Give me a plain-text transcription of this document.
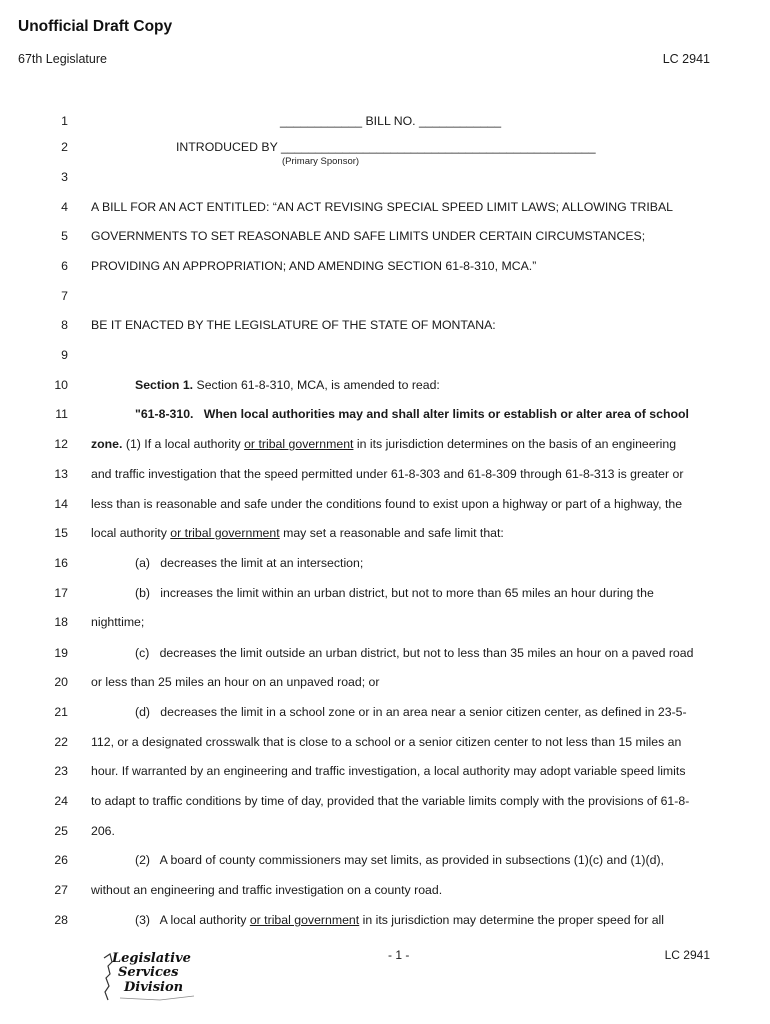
Unofficial Draft Copy
67th Legislature	LC 2941
1	____________ BILL NO. ____________
2	INTRODUCED BY ______________________________________________
(Primary Sponsor)
3
4 A BILL FOR AN ACT ENTITLED: “AN ACT REVISING SPECIAL SPEED LIMIT LAWS; ALLOWING TRIBAL
5 GOVERNMENTS TO SET REASONABLE AND SAFE LIMITS UNDER CERTAIN CIRCUMSTANCES;
6 PROVIDING AN APPROPRIATION; AND AMENDING SECTION 61-8-310, MCA.”
7
8 BE IT ENACTED BY THE LEGISLATURE OF THE STATE OF MONTANA:
9
10	Section 1. Section 61-8-310, MCA, is amended to read:
11	"61-8-310.   When local authorities may and shall alter limits or establish or alter area of school
12 zone. (1) If a local authority or tribal government in its jurisdiction determines on the basis of an engineering
13 and traffic investigation that the speed permitted under 61-8-303 and 61-8-309 through 61-8-313 is greater or
14 less than is reasonable and safe under the conditions found to exist upon a highway or part of a highway, the
15 local authority or tribal government may set a reasonable and safe limit that:
16	(a)   decreases the limit at an intersection;
17	(b)   increases the limit within an urban district, but not to more than 65 miles an hour during the
18 nighttime;
19	(c)   decreases the limit outside an urban district, but not to less than 35 miles an hour on a paved road
20 or less than 25 miles an hour on an unpaved road; or
21	(d)   decreases the limit in a school zone or in an area near a senior citizen center, as defined in 23-5-
22 112, or a designated crosswalk that is close to a school or a senior citizen center to not less than 15 miles an
23 hour. If warranted by an engineering and traffic investigation, a local authority may adopt variable speed limits
24 to adapt to traffic conditions by time of day, provided that the variable limits comply with the provisions of 61-8-
25 206.
26	(2)   A board of county commissioners may set limits, as provided in subsections (1)(c) and (1)(d),
27 without an engineering and traffic investigation on a county road.
28	(3)   A local authority or tribal government in its jurisdiction may determine the proper speed for all
Legislative
Services
Division
- 1 -	LC 2941
